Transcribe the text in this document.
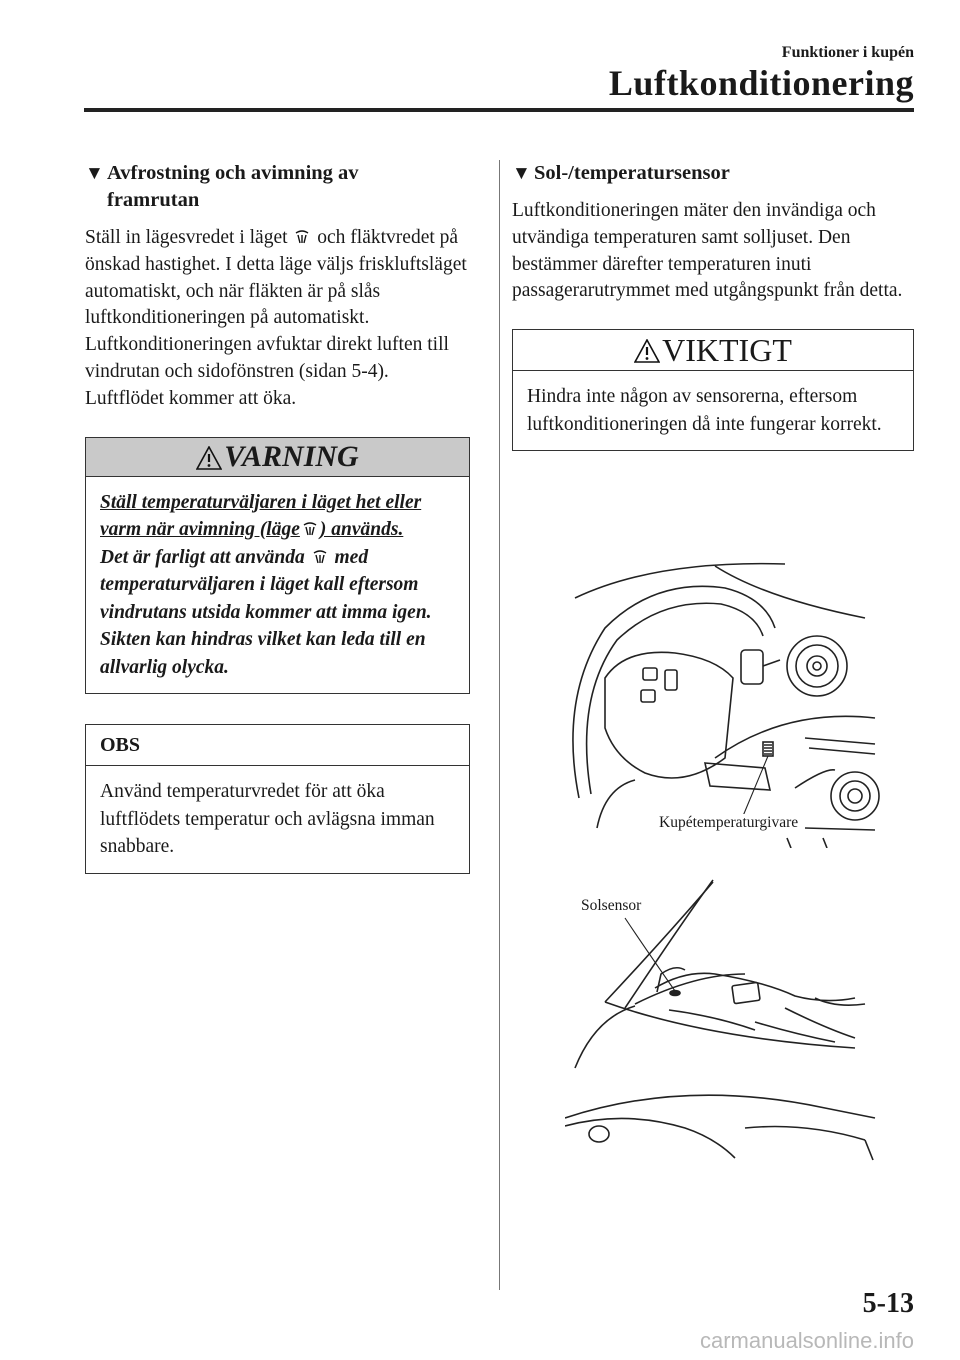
Funktioner i kupén
Luftkonditionering
▼ Avfrostning och avimning av
framrutan

Ställ in lägesvredet i läget och fläktvredet på önskad hastighet. I detta läge väljs friskluftsläget automatiskt, och när fläkten är på slås luftkonditioneringen på automatiskt. Luftkonditioneringen avfuktar direkt luften till vindrutan och sidofönstren (sidan 5-4). Luftflödet kommer att öka.

VARNING
Ställ temperaturväljaren i läget het eller varm när avimning (läge ) används.
Det är farligt att använda med temperaturväljaren i läget kall eftersom vindrutans utsida kommer att imma igen. Sikten kan hindras vilket kan leda till en allvarlig olycka.
OBS
Använd temperaturvredet för att öka luftflödets temperatur och avlägsna imman snabbare.
▼ Sol-/temperatursensor

Luftkonditioneringen mäter den invändiga och utvändiga temperaturen samt solljuset. Den bestämmer därefter temperaturen inuti passagerarutrymmet med utgångspunkt från detta.

VIKTIGT
Hindra inte någon av sensorerna, eftersom luftkonditioneringen då inte fungerar korrekt.
Kupétemperaturgivare
Solsensor
5-13
carmanualsonline.info
